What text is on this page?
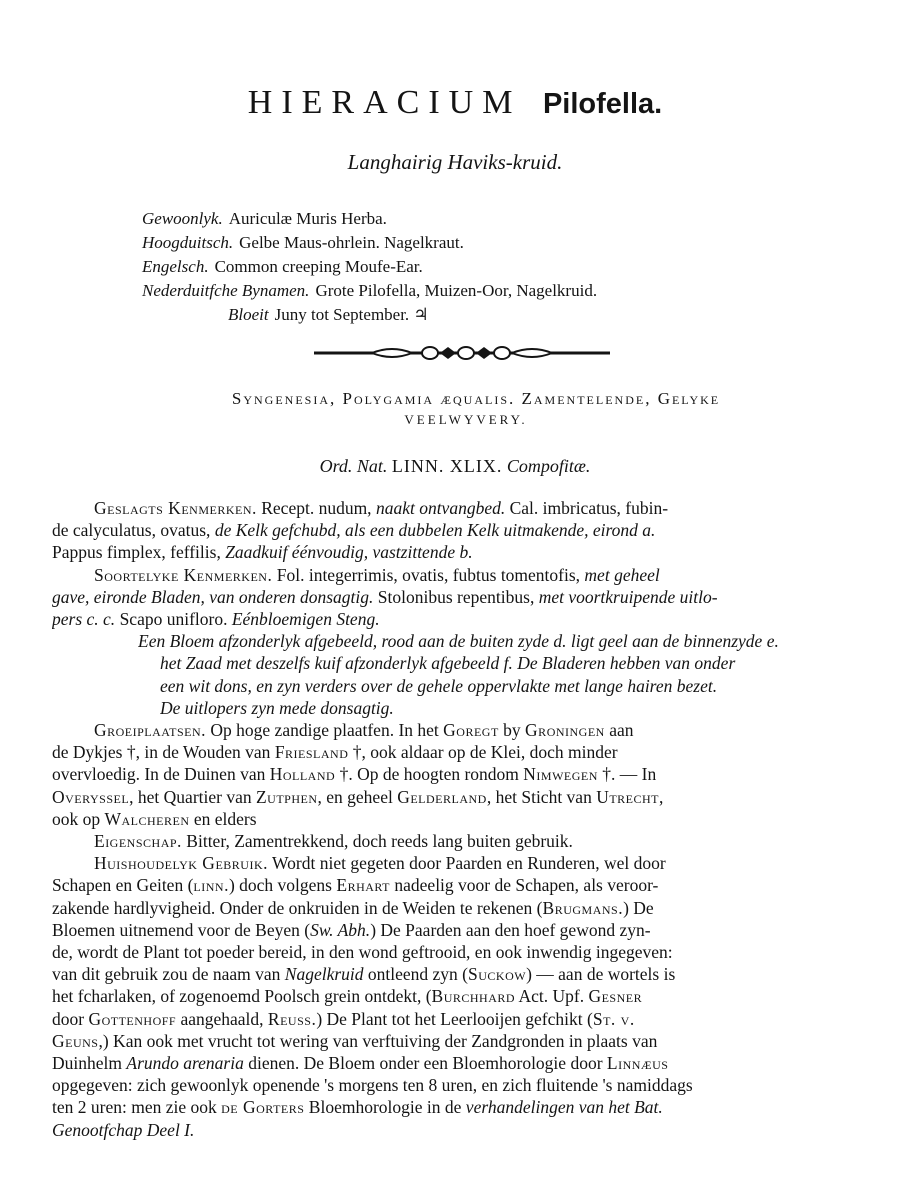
HIERACIUM Pilofella.
Langhairig Haviks-kruid.
Gewoonlyk. Auriculæ Muris Herba.
Hoogduitsch. Gelbe Maus-ohrlein. Nagelkraut.
Engelsch. Common creeping Moufe-Ear.
Nederduitfche Bynamen. Grote Pilofella, Muizen-Oor, Nagelkruid.
Bloeit Juny tot September. ♃
Syngenesia, Polygamia æqualis. Zamentelende, Gelyke
VEELWYVERY.
Ord. Nat. LINN. XLIX. Compofitæ.
Geslagts Kenmerken. Recept. nudum, naakt ontvangbed. Cal. imbricatus, fubin-
de calyculatus, ovatus, de Kelk gefchubd, als een dubbelen Kelk uitmakende, eirond a.
Pappus fimplex, feffilis, Zaadkuif éénvoudig, vastzittende b.
Soortelyke Kenmerken. Fol. integerrimis, ovatis, fubtus tomentofis, met geheel
gave, eironde Bladen, van onderen donsagtig. Stolonibus repentibus, met voortkruipende uitlo-
pers c. c. Scapo unifloro. Eénbloemigen Steng.
Een Bloem afzonderlyk afgebeeld, rood aan de buiten zyde d. ligt geel aan de binnenzyde e.
het Zaad met deszelfs kuif afzonderlyk afgebeeld f. De Bladeren hebben van onder
een wit dons, en zyn verders over de gehele oppervlakte met lange hairen bezet.
De uitlopers zyn mede donsagtig.
Groeiplaatsen. Op hoge zandige plaatfen. In het Goregt by Groningen aan
de Dykjes †, in de Wouden van Friesland †, ook aldaar op de Klei, doch minder
overvloedig. In de Duinen van Holland †. Op de hoogten rondom Nimwegen †. — In
Overyssel, het Quartier van Zutphen, en geheel Gelderland, het Sticht van Utrecht,
ook op Walcheren en elders
Eigenschap. Bitter, Zamentrekkend, doch reeds lang buiten gebruik.
Huishoudelyk Gebruik. Wordt niet gegeten door Paarden en Runderen, wel door
Schapen en Geiten (linn.) doch volgens Erhart nadeelig voor de Schapen, als veroor-
zakende hardlyvigheid. Onder de onkruiden in de Weiden te rekenen (Brugmans.) De
Bloemen uitnemend voor de Beyen (Sw. Abh.) De Paarden aan den hoef gewond zyn-
de, wordt de Plant tot poeder bereid, in den wond geftrooid, en ook inwendig ingegeven:
van dit gebruik zou de naam van Nagelkruid ontleend zyn (Suckow) — aan de wortels is
het fcharlaken, of zogenoemd Poolsch grein ontdekt, (Burchhard Act. Upf. Gesner
door Gottenhoff aangehaald, Reuss.) De Plant tot het Leerlooijen gefchikt (St. v.
Geuns,) Kan ook met vrucht tot wering van verftuiving der Zandgronden in plaats van
Duinhelm Arundo arenaria dienen. De Bloem onder een Bloemhorologie door Linnæus
opgegeven: zich gewoonlyk openende 's morgens ten 8 uren, en zich fluitende 's namiddags
ten 2 uren: men zie ook de Gorters Bloemhorologie in de verhandelingen van het Bat.
Genootfchap Deel I.
